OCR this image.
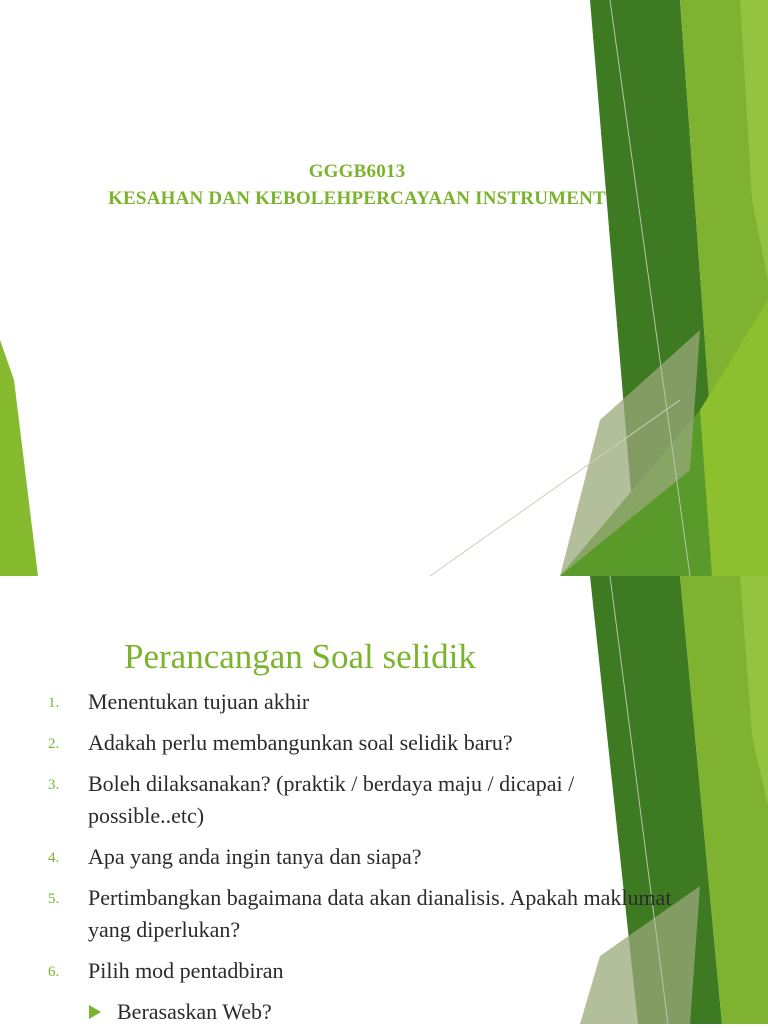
GGGB6013
KESAHAN DAN KEBOLEHPERCAYAAN INSTRUMENT
Perancangan Soal selidik
1. Menentukan tujuan akhir
2. Adakah perlu membangunkan soal selidik baru?
3. Boleh dilaksanakan? (praktik / berdaya maju / dicapai / possible..etc)
4. Apa yang anda ingin tanya dan siapa?
5. Pertimbangkan bagaimana data akan dianalisis. Apakah maklumat yang diperlukan?
6. Pilih mod pentadbiran
Berasaskan Web?
